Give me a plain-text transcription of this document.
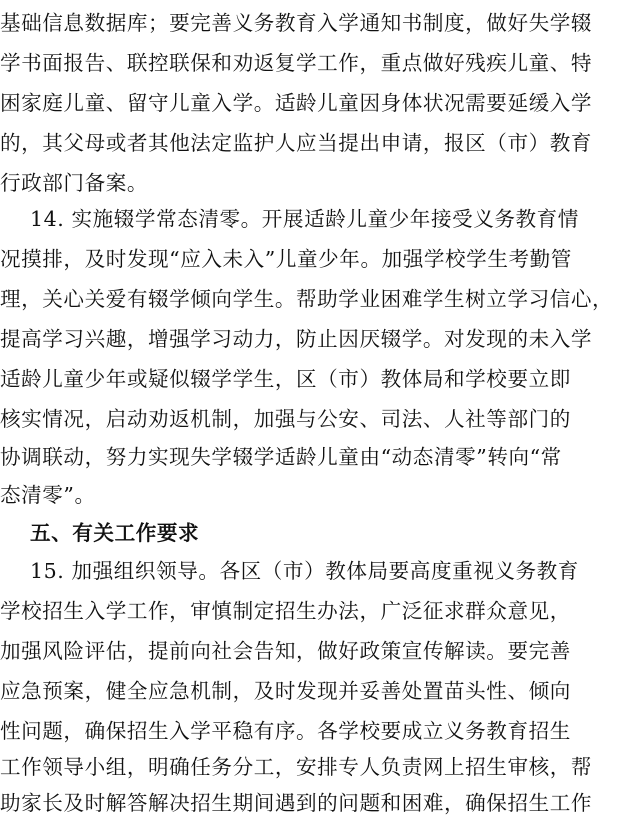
基础信息数据库；要完善义务教育入学通知书制度，做好失学辍
学书面报告、联控联保和劝返复学工作，重点做好残疾儿童、特
困家庭儿童、留守儿童入学。适龄儿童因身体状况需要延缓入学
的，其父母或者其他法定监护人应当提出申请，报区（市）教育
行政部门备案。
14. 实施辍学常态清零。开展适龄儿童少年接受义务教育情
况摸排，及时发现“应入未入”儿童少年。加强学校学生考勤管
理，关心关爱有辍学倾向学生。帮助学业困难学生树立学习信心，
提高学习兴趣，增强学习动力，防止因厌辍学。对发现的未入学
适龄儿童少年或疑似辍学学生，区（市）教体局和学校要立即
核实情况，启动劝返机制，加强与公安、司法、人社等部门的
协调联动，努力实现失学辍学适龄儿童由“动态清零”转向“常
态清零”。
五、有关工作要求
15. 加强组织领导。各区（市）教体局要高度重视义务教育
学校招生入学工作，审慎制定招生办法，广泛征求群众意见，
加强风险评估，提前向社会告知，做好政策宣传解读。要完善
应急预案，健全应急机制，及时发现并妥善处置苗头性、倾向
性问题，确保招生入学平稳有序。各学校要成立义务教育招生
工作领导小组，明确任务分工，安排专人负责网上招生审核，帮
助家长及时解答解决招生期间遇到的问题和困难，确保招生工作
